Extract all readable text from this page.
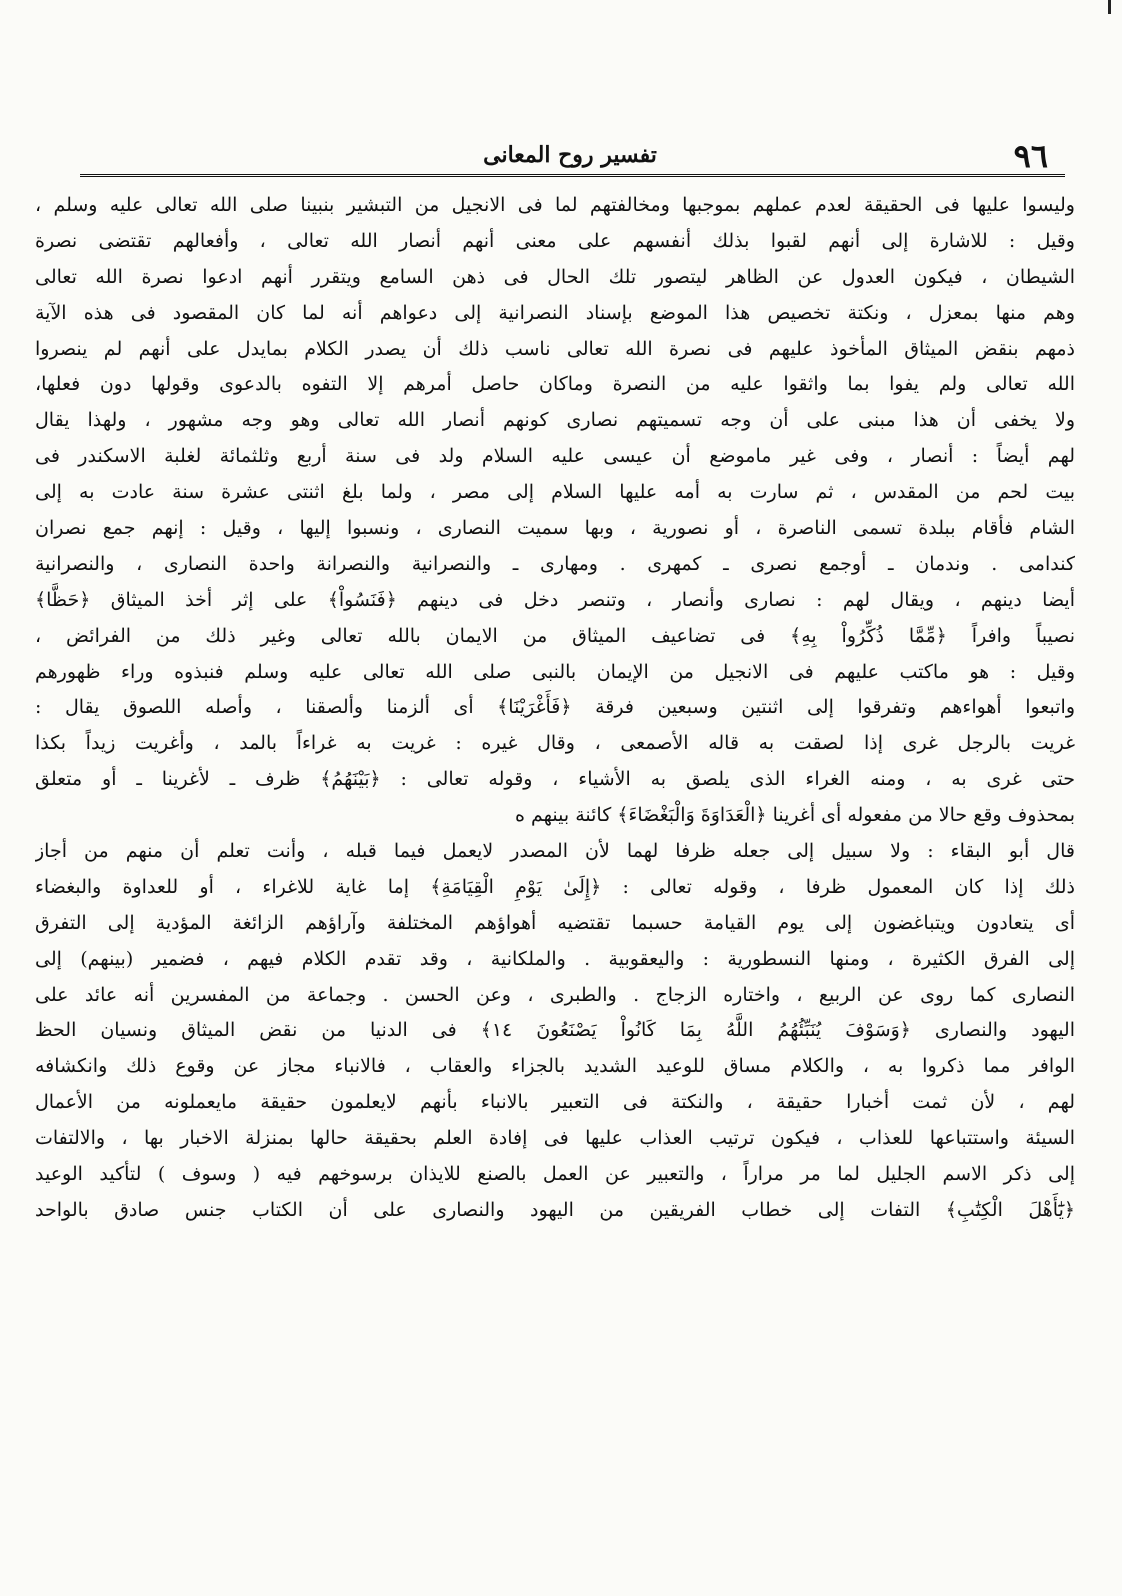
٩٦
تفسير روح المعانى
وليسوا عليها فى الحقيقة لعدم عملهم بموجبها ومخالفتهم لما فى الانجيل من التبشير بنبينا صلى الله تعالى عليه وسلم ،
وقيل : للاشارة إلى أنهم لقبوا بذلك أنفسهم على معنى أنهم أنصار الله تعالى ، وأفعالهم تقتضى نصرة
الشيطان ، فيكون العدول عن الظاهر ليتصور تلك الحال فى ذهن السامع ويتقرر أنهم ادعوا نصرة الله تعالى
وهم منها بمعزل ، ونكتة تخصيص هذا الموضع بإسناد النصرانية إلى دعواهم أنه لما كان المقصود فى هذه الآية
ذمهم بنقض الميثاق المأخوذ عليهم فى نصرة الله تعالى ناسب ذلك أن يصدر الكلام بمايدل على أنهم لم ينصروا
الله تعالى ولم يفوا بما واثقوا عليه من النصرة وماكان حاصل أمرهم إلا التفوه بالدعوى وقولها دون فعلها،
ولا يخفى أن هذا مبنى على أن وجه تسميتهم نصارى كونهم أنصار الله تعالى وهو وجه مشهور ، ولهذا يقال
لهم أيضاً : أنصار ، وفى غير ماموضع أن عيسى عليه السلام ولد فى سنة أربع وثلثمائة لغلبة الاسكندر فى
بيت لحم من المقدس ، ثم سارت به أمه عليها السلام إلى مصر ، ولما بلغ اثنتى عشرة سنة عادت به إلى
الشام فأقام ببلدة تسمى الناصرة ، أو نصورية ، وبها سميت النصارى ، ونسبوا إليها ، وقيل : إنهم جمع نصران
كندامى . وندمان ـ أوجمع نصرى ـ كمهرى . ومهارى ـ والنصرانية والنصرانة واحدة النصارى ، والنصرانية
أيضا دينهم ، ويقال لهم : نصارى وأنصار ، وتنصر دخل فى دينهم ﴿فَنَسُواْ﴾ على إثر أخذ الميثاق ﴿حَظًّا﴾
نصيباً وافراً ﴿مِّمَّا ذُكِّرُواْ بِهِ﴾ فى تضاعيف الميثاق من الايمان بالله تعالى وغير ذلك من الفرائض ،
وقيل : هو ماكتب عليهم فى الانجيل من الإيمان بالنبى صلى الله تعالى عليه وسلم فنبذوه وراء ظهورهم
واتبعوا أهواءهم وتفرقوا إلى اثنتين وسبعين فرقة ﴿فَأَغْرَيْنَا﴾ أى ألزمنا وألصقنا ، وأصله اللصوق يقال :
غريت بالرجل غرى إذا لصقت به قاله الأصمعى ، وقال غيره : غريت به غراءاً بالمد ، وأغريت زيداً بكذا
حتى غرى به ، ومنه الغراء الذى يلصق به الأشياء ، وقوله تعالى : ﴿بَيْنَهُمُ﴾ ظرف ـ لأغرينا ـ أو متعلق
بمحذوف وقع حالا من مفعوله أى أغرينا ﴿الْعَدَاوَةَ وَالْبَغْضَاءَ﴾ كائنة بينهم ه
قال أبو البقاء : ولا سبيل إلى جعله ظرفا لهما لأن المصدر لايعمل فيما قبله ، وأنت تعلم أن منهم من أجاز
ذلك إذا كان المعمول ظرفا ، وقوله تعالى : ﴿إِلَىٰ يَوْمِ الْقِيَامَةِ﴾ إما غاية للاغراء ، أو للعداوة والبغضاء
أى يتعادون ويتباغضون إلى يوم القيامة حسبما تقتضيه أهواؤهم المختلفة وآراؤهم الزائغة المؤدية إلى التفرق
إلى الفرق الكثيرة ، ومنها النسطورية : واليعقوبية . والملكانية ، وقد تقدم الكلام فيهم ، فضمير (بينهم) إلى
النصارى كما روى عن الربيع ، واختاره الزجاج . والطبرى ، وعن الحسن . وجماعة من المفسرين أنه عائد على
اليهود والنصارى ﴿وَسَوْفَ يُنَبِّئُهُمُ اللَّهُ بِمَا كَانُواْ يَصْنَعُونَ ١٤﴾ فى الدنيا من نقض الميثاق ونسيان الحظ
الوافر مما ذكروا به ، والكلام مساق للوعيد الشديد بالجزاء والعقاب ، فالانباء مجاز عن وقوع ذلك وانكشافه
لهم ، لأن ثمت أخبارا حقيقة ، والنكتة فى التعبير بالانباء بأنهم لايعلمون حقيقة مايعملونه من الأعمال
السيئة واستتباعها للعذاب ، فيكون ترتيب العذاب عليها فى إفادة العلم بحقيقة حالها بمنزلة الاخبار بها ، والالتفات
إلى ذكر الاسم الجليل لما مر مراراً ، والتعبير عن العمل بالصنع للايذان برسوخهم فيه ( وسوف ) لتأكيد الوعيد
﴿يَٰٓأَهْلَ الْكِتَٰبِ﴾ التفات إلى خطاب الفريقين من اليهود والنصارى على أن الكتاب جنس صادق بالواحد
